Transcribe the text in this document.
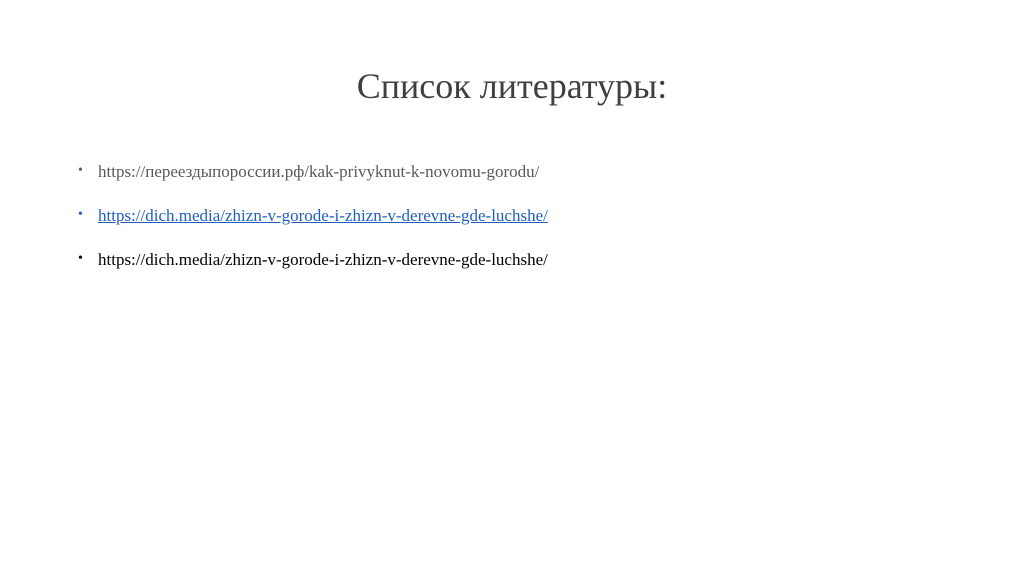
Список литературы:
• https://переездыпороссии.рф/kak-privyknut-k-novomu-gorodu/
• https://dich.media/zhizn-v-gorode-i-zhizn-v-derevne-gde-luchshe/
• https://dich.media/zhizn-v-gorode-i-zhizn-v-derevne-gde-luchshe/
